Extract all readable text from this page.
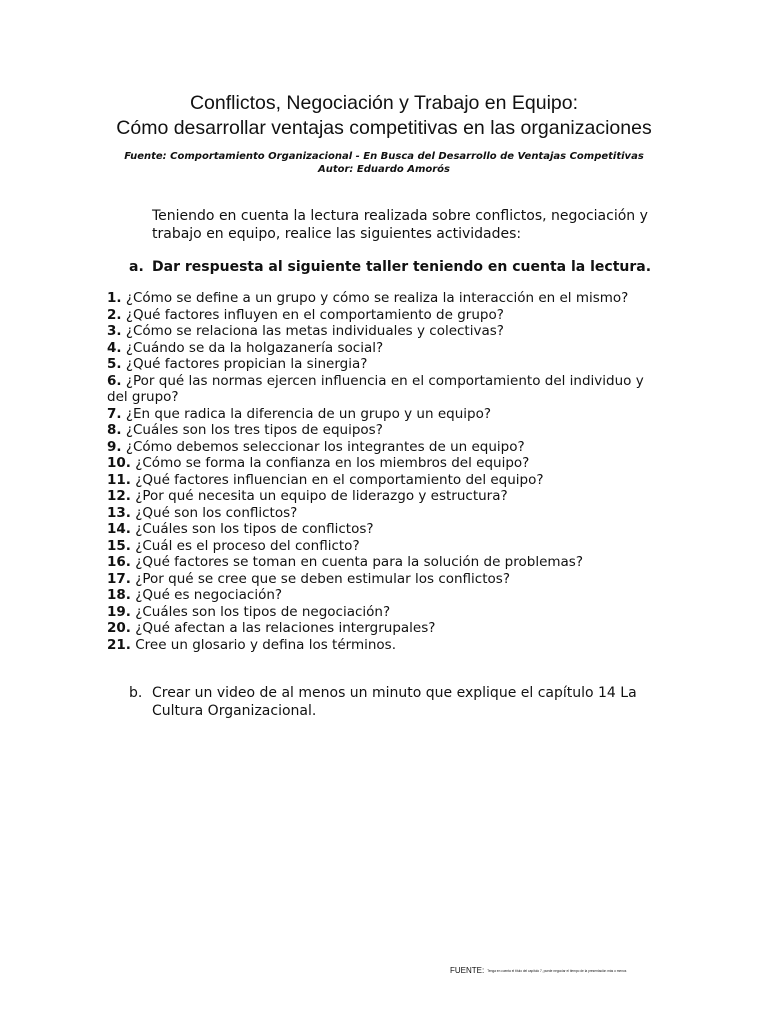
Conflictos, Negociación y Trabajo en Equipo:
Cómo desarrollar ventajas competitivas en las organizaciones
Fuente: Comportamiento Organizacional - En Busca del Desarrollo de Ventajas Competitivas
Autor: Eduardo Amorós

Teniendo en cuenta la lectura realizada sobre conflictos, negociación y trabajo en equipo, realice las siguientes actividades:

a. Dar respuesta al siguiente taller teniendo en cuenta la lectura.
1. ¿Cómo se define a un grupo y cómo se realiza la interacción en el mismo?
2. ¿Qué factores influyen en el comportamiento de grupo?
3. ¿Cómo se relaciona las metas individuales y colectivas?
4. ¿Cuándo se da la holgazanería social?
5. ¿Qué factores propician la sinergia?
6. ¿Por qué las normas ejercen influencia en el comportamiento del individuo y del grupo?
7. ¿En que radica la diferencia de un grupo y un equipo?
8. ¿Cuáles son los tres tipos de equipos?
9. ¿Cómo debemos seleccionar los integrantes de un equipo?
10. ¿Cómo se forma la confianza en los miembros del equipo?
11. ¿Qué factores influencian en el comportamiento del equipo?
12. ¿Por qué necesita un equipo de liderazgo y estructura?
13. ¿Qué son los conflictos?
14. ¿Cuáles son los tipos de conflictos?
15. ¿Cuál es el proceso del conflicto?
16. ¿Qué factores se toman en cuenta para la solución de problemas?
17. ¿Por qué se cree que se deben estimular los conflictos?
18. ¿Qué es negociación?
19. ¿Cuáles son los tipos de negociación?
20. ¿Qué afectan a las relaciones intergrupales?
21. Cree un glosario y defina los términos.
b. Crear un video de al menos un minuto que explique el capítulo 14 La Cultura Organizacional.
FUENTE: Tenga en cuenta el título del capítulo 7, puede negociar el tiempo de la presentación más o menos
